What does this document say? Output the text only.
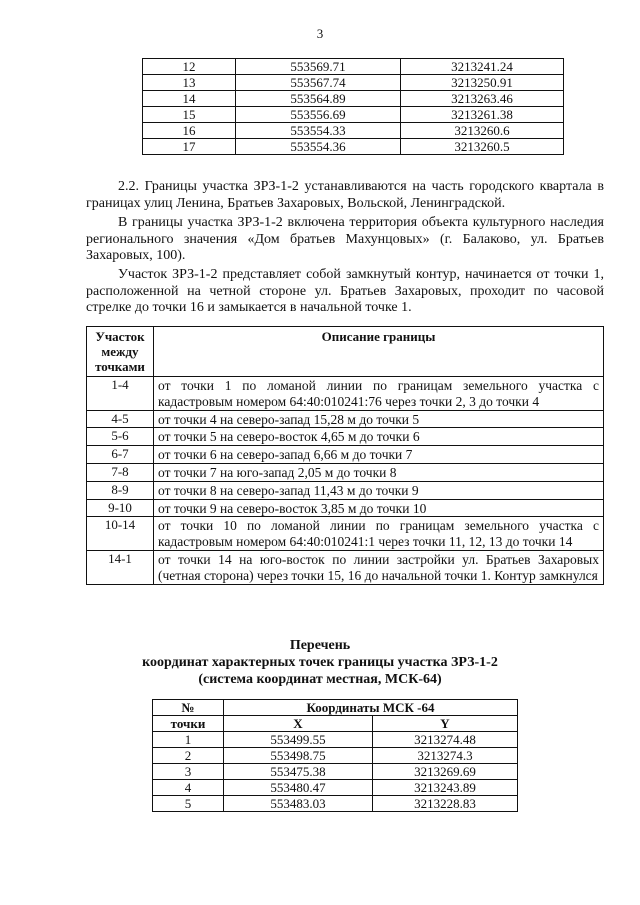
3
12	553569.71	3213241.24
13	553567.74	3213250.91
14	553564.89	3213263.46
15	553556.69	3213261.38
16	553554.33	3213260.6
17	553554.36	3213260.5

2.2. Границы участка ЗРЗ-1-2 устанавливаются на часть городского квартала в границах улиц Ленина, Братьев Захаровых, Вольской, Ленинградской.

В границы участка ЗРЗ-1-2 включена территория объекта культурного наследия регионального значения «Дом братьев Махунцовых» (г. Балаково, ул. Братьев Захаровых, 100).

Участок ЗРЗ-1-2 представляет собой замкнутый контур, начинается от точки 1, расположенной на четной стороне ул. Братьев Захаровых, проходит по часовой стрелке до точки 16 и замыкается в начальной точке 1.

Участок между точками	Описание границы
1-4	от точки 1 по ломаной линии по границам земельного участка с кадастровым номером 64:40:010241:76 через точки 2, 3 до точки 4
4-5	от точки 4 на северо-запад 15,28 м до точки 5
5-6	от точки 5 на северо-восток 4,65 м до точки 6
6-7	от точки 6 на северо-запад 6,66 м до точки 7
7-8	от точки 7 на юго-запад 2,05 м до точки 8
8-9	от точки 8 на северо-запад 11,43 м до точки 9
9-10	от точки 9 на северо-восток 3,85 м до точки 10
10-14	от точки 10 по ломаной линии по границам земельного участка с кадастровым номером 64:40:010241:1 через точки 11, 12, 13 до точки 14
14-1	от точки 14 на юго-восток по линии застройки ул. Братьев Захаровых (четная сторона) через точки 15, 16 до начальной точки 1. Контур замкнулся
Перечень
координат характерных точек границы участка ЗРЗ-1-2
(система координат местная, МСК-64)
№	Координаты МСК -64	
точки	X	Y
1	553499.55	3213274.48
2	553498.75	3213274.3
3	553475.38	3213269.69
4	553480.47	3213243.89
5	553483.03	3213228.83
